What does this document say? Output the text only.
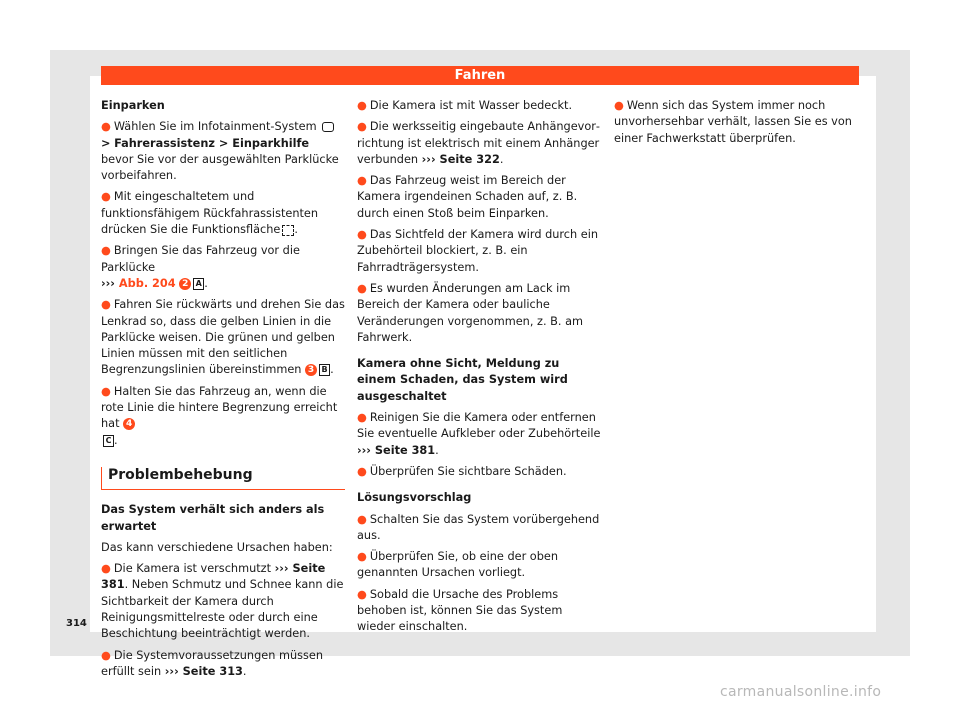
Fahren

Einparken

● Wählen Sie im Infotainment-System  > Fahrerassistenz > Einparkhilfe bevor Sie vor der ausgewählten Parklücke vorbeifahren.

● Mit eingeschaltetem und funktionsfähigem Rückfahrassistenten drücken Sie die Funktionsfläche .

● Bringen Sie das Fahrzeug vor die Parklücke
››› Abb. 204 2 A .

● Fahren Sie rückwärts und drehen Sie das Lenkrad so, dass die gelben Linien in die Parklücke weisen. Die grünen und gelben Linien müssen mit den seitlichen Begrenzungslinien übereinstimmen 3 B .

● Halten Sie das Fahrzeug an, wenn die rote Linie die hintere Begrenzung erreicht hat 4
C .

Problembehebung

Das System verhält sich anders als erwartet

Das kann verschiedene Ursachen haben:

● Die Kamera ist verschmutzt ››› Seite 381. Neben Schmutz und Schnee kann die Sichtbarkeit der Kamera durch Reinigungsmittelreste oder durch eine Beschichtung beeinträchtigt werden.

● Die Systemvoraussetzungen müssen erfüllt sein ››› Seite 313.

● Die Kamera ist mit Wasser bedeckt.

● Die werksseitig eingebaute Anhängevorrichtung ist elektrisch mit einem Anhänger verbunden ››› Seite 322.

● Das Fahrzeug weist im Bereich der Kamera irgendeinen Schaden auf, z. B. durch einen Stoß beim Einparken.

● Das Sichtfeld der Kamera wird durch ein Zubehörteil blockiert, z. B. ein Fahrradträgersystem.

● Es wurden Änderungen am Lack im Bereich der Kamera oder bauliche Veränderungen vorgenommen, z. B. am Fahrwerk.

Kamera ohne Sicht, Meldung zu einem Schaden, das System wird ausgeschaltet

● Reinigen Sie die Kamera oder entfernen Sie eventuelle Aufkleber oder Zubehörteile
››› Seite 381.

● Überprüfen Sie sichtbare Schäden.

Lösungsvorschlag

● Schalten Sie das System vorübergehend aus.

● Überprüfen Sie, ob eine der oben genannten Ursachen vorliegt.

● Sobald die Ursache des Problems behoben ist, können Sie das System wieder einschalten.

● Wenn sich das System immer noch unvorhersehbar verhält, lassen Sie es von einer Fachwerkstatt überprüfen.

314
carmanualsonline.info
